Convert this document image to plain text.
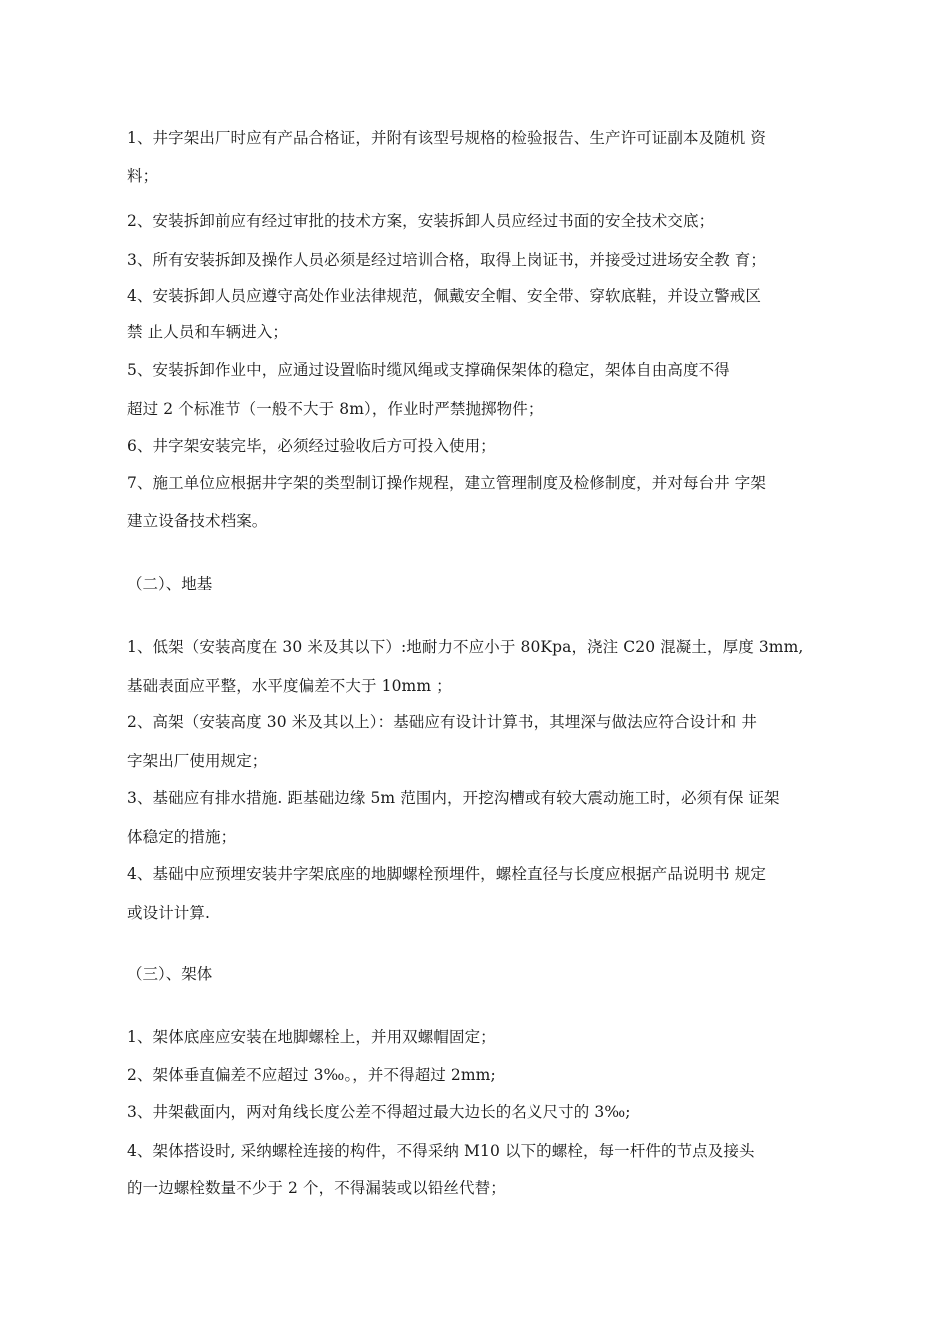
1、井字架出厂时应有产品合格证，并附有该型号规格的检验报告、生产许可证副本及随机 资
料；
2、安装拆卸前应有经过审批的技术方案，安装拆卸人员应经过书面的安全技术交底；
3、所有安装拆卸及操作人员必须是经过培训合格，取得上岗证书，并接受过进场安全教 育；
4、安装拆卸人员应遵守高处作业法律规范，佩戴安全帽、安全带、穿软底鞋，并设立警戒区
禁 止人员和车辆进入；
5、安装拆卸作业中，应通过设置临时缆风绳或支撑确保架体的稳定，架体自由高度不得
超过 2 个标准节（一般不大于 8m），作业时严禁抛掷物件；
6、井字架安装完毕，必须经过验收后方可投入使用；
7、施工单位应根据井字架的类型制订操作规程，建立管理制度及检修制度，并对每台井 字架
建立设备技术档案。
（二）、地基
1、低架（安装高度在 30 米及其以下）:地耐力不应小于 80Kpa，浇注 C20 混凝土，厚度 3mm,
基础表面应平整，水平度偏差不大于 10mm ；
2、高架（安装高度 30 米及其以上）：基础应有设计计算书，其埋深与做法应符合设计和 井
字架出厂使用规定；
3、基础应有排水措施. 距基础边缘 5m 范围内，开挖沟槽或有较大震动施工时，必须有保 证架
体稳定的措施；
4、基础中应预埋安装井字架底座的地脚螺栓预埋件，螺栓直径与长度应根据产品说明书 规定
或设计计算.
（三）、架体
1、架体底座应安装在地脚螺栓上，并用双螺帽固定；
2、架体垂直偏差不应超过 3‰。，并不得超过 2mm;
3、井架截面内，两对角线长度公差不得超过最大边长的名义尺寸的 3‰;
4、架体搭设时, 采纳螺栓连接的构件，不得采纳 M10 以下的螺栓，每一杆件的节点及接头
的一边螺栓数量不少于 2 个，不得漏装或以铅丝代替；
